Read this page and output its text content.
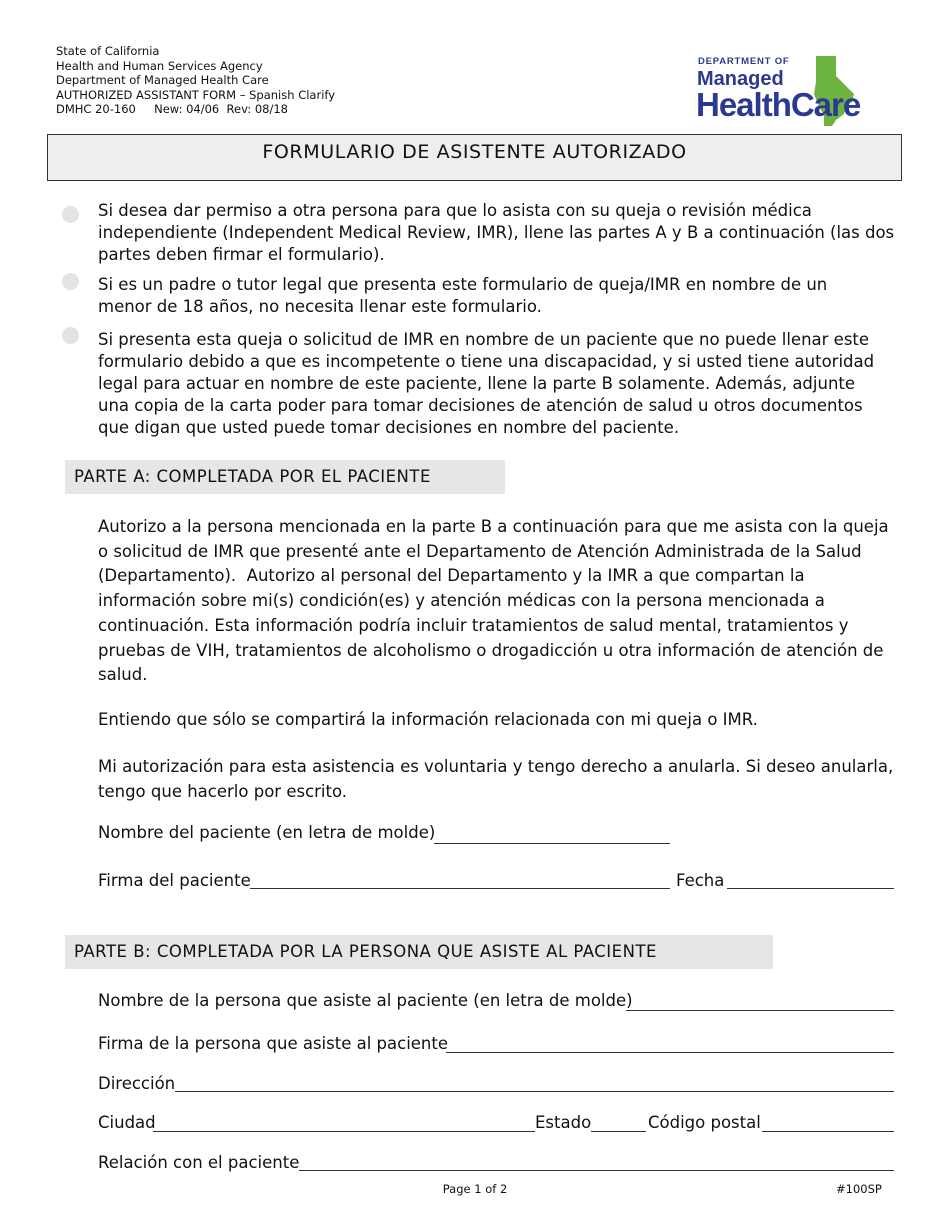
State of California
Health and Human Services Agency
Department of Managed Health Care
AUTHORIZED ASSISTANT FORM – Spanish Clarify
DMHC 20-160     New: 04/06  Rev: 08/18
DEPARTMENT OF
Managed
HealthCare
FORMULARIO DE ASISTENTE AUTORIZADO
Si desea dar permiso a otra persona para que lo asista con su queja o revisión médica
independiente (Independent Medical Review, IMR), llene las partes A y B a continuación (las dos
partes deben firmar el formulario).
Si es un padre o tutor legal que presenta este formulario de queja/IMR en nombre de un
menor de 18 años, no necesita llenar este formulario.
Si presenta esta queja o solicitud de IMR en nombre de un paciente que no puede llenar este
formulario debido a que es incompetente o tiene una discapacidad, y si usted tiene autoridad
legal para actuar en nombre de este paciente, llene la parte B solamente. Además, adjunte
una copia de la carta poder para tomar decisiones de atención de salud u otros documentos
que digan que usted puede tomar decisiones en nombre del paciente.
PARTE A: COMPLETADA POR EL PACIENTE
Autorizo a la persona mencionada en la parte B a continuación para que me asista con la queja
o solicitud de IMR que presenté ante el Departamento de Atención Administrada de la Salud
(Departamento).  Autorizo al personal del Departamento y la IMR a que compartan la
información sobre mi(s) condición(es) y atención médicas con la persona mencionada a
continuación. Esta información podría incluir tratamientos de salud mental, tratamientos y
pruebas de VIH, tratamientos de alcoholismo o drogadicción u otra información de atención de
salud.
Entiendo que sólo se compartirá la información relacionada con mi queja o IMR.
Mi autorización para esta asistencia es voluntaria y tengo derecho a anularla. Si deseo anularla,
tengo que hacerlo por escrito.
Nombre del paciente (en letra de molde)
Firma del paciente	Fecha
PARTE B: COMPLETADA POR LA PERSONA QUE ASISTE AL PACIENTE
Nombre de la persona que asiste al paciente (en letra de molde)
Firma de la persona que asiste al paciente
Dirección
Ciudad	Estado	Código postal
Relación con el paciente
Page 1 of 2	#100SP
